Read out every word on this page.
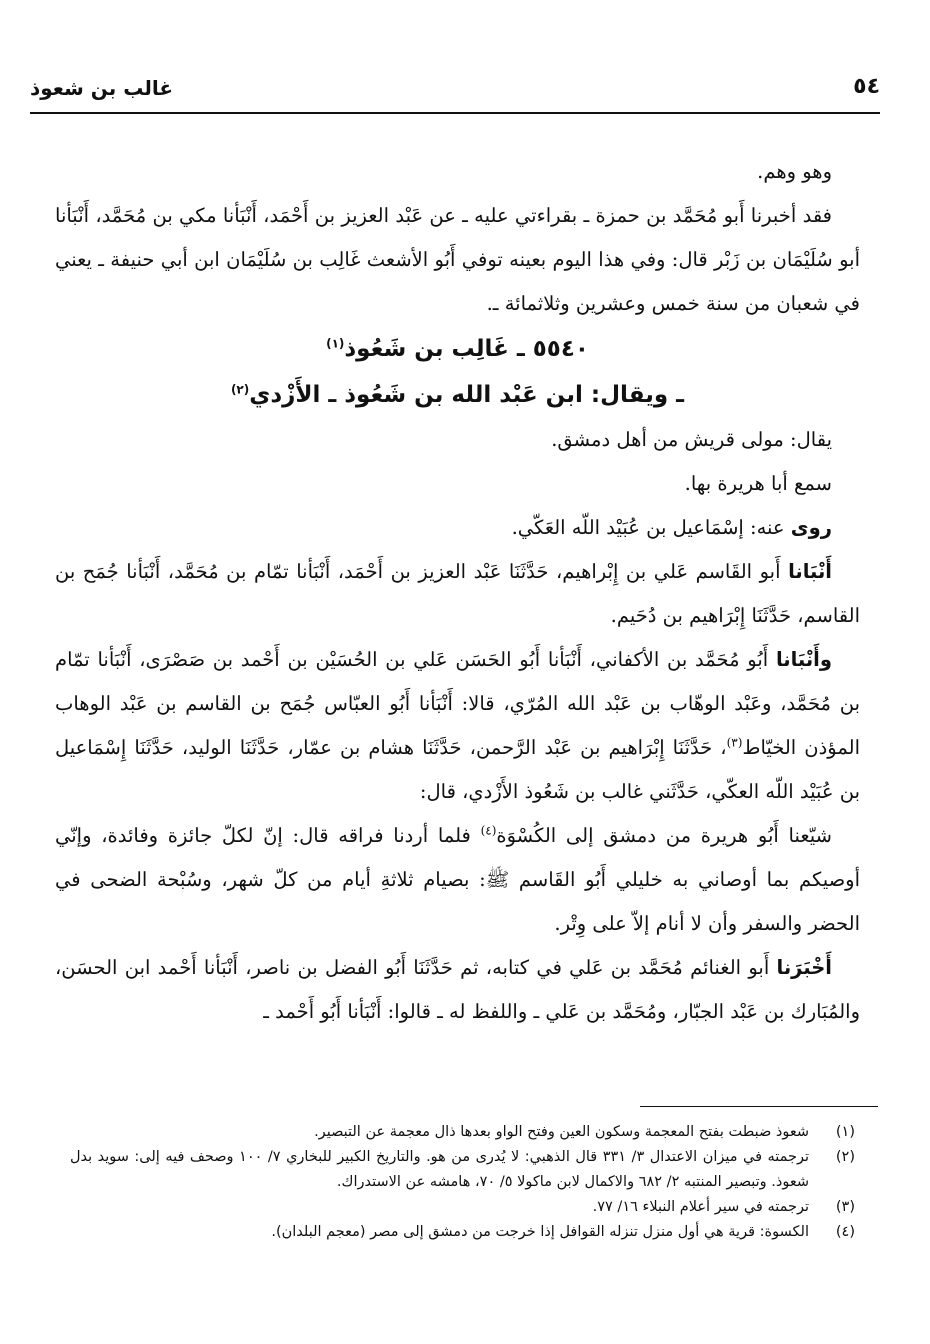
غالب بن شعوذ	٥٤

وهو وهم.

فقد أخبرنا أَبو مُحَمَّد بن حمزة ـ بقراءتي عليه ـ عن عَبْد العزيز بن أَحْمَد، أَنْبَأنا مكي بن مُحَمَّد، أَنْبَأنا أبو سُلَيْمَان بن زَبْر قال: وفي هذا اليوم بعينه توفي أَبُو الأشعث غَالِب بن سُلَيْمَان ابن أبي حنيفة ـ يعني في شعبان من سنة خمس وعشرين وثلاثمائة ـ.

٥٥٤٠ ـ غَالِب بن شَعُوذ$^{(١)}$

ـ ويقال: ابن عَبْد الله بن شَعُوذ ـ الأَزْدي$^{(٢)}$

يقال: مولى قريش من أهل دمشق.

سمع أبا هريرة بها.

روى عنه: إسْمَاعيل بن عُبَيْد اللّه العَكّي.

أَنْبَانا أَبو القَاسم عَلي بن إِبْراهيم، حَدَّثَنَا عَبْد العزيز بن أَحْمَد، أَنْبَأنا تمّام بن مُحَمَّد، أَنْبَأنا جُمَح بن القاسم، حَدَّثَنَا إِبْرَاهيم بن دُحَيم.

وأَنْبَانا أَبُو مُحَمَّد بن الأكفاني، أَنْبَأنا أَبُو الحَسَن عَلي بن الحُسَيْن بن أَحْمد بن صَصْرَى، أَنْبَأنا تمّام بن مُحَمَّد، وعَبْد الوهّاب بن عَبْد الله المُرّي، قالا: أَنْبَأنا أَبُو العبّاس جُمَح بن القاسم بن عَبْد الوهاب المؤذن الخيّاط$^{(٣)}$، حَدَّثَنَا إِبْرَاهيم بن عَبْد الرَّحمن، حَدَّثَنَا هشام بن عمّار، حَدَّثَنَا الوليد، حَدَّثَنَا إِسْمَاعيل بن عُبَيْد اللّه العكّي، حَدَّثَني غالب بن شَعُوذ الأَزْدي، قال:

شيّعنا أَبُو هريرة من دمشق إلى الكُسْوَة$^{(٤)}$ فلما أردنا فراقه قال: إنّ لكلّ جائزة وفائدة، وإنّي أوصيكم بما أوصاني به خليلي أَبُو القَاسم ﷺ: بصيام ثلاثةِ أيام من كلّ شهر، وسُبْحة الضحى في الحضر والسفر وأن لا أنام إلاّ على وِتْر.

أَخْبَرَنا أَبو الغنائم مُحَمَّد بن عَلي في كتابه، ثم حَدَّثَنَا أَبُو الفضل بن ناصر، أَنْبَأنا أَحْمد ابن الحسَن، والمُبَارك بن عَبْد الجبّار، ومُحَمَّد بن عَلي ـ واللفظ له ـ قالوا: أَنْبَأنا أَبُو أَحْمد ـ

(١)
شعوذ ضبطت بفتح المعجمة وسكون العين وفتح الواو بعدها ذال معجمة عن التبصير.

(٢)
ترجمته في ميزان الاعتدال ٣/ ٣٣١ قال الذهبي: لا يُدرى من هو. والتاريخ الكبير للبخاري ٧/ ١٠٠ وصحف فيه إلى: سويد بدل شعوذ. وتبصير المنتبه ٢/ ٦٨٢ والاكمال لابن ماكولا ٥/ ٧٠، هامشه عن الاستدراك.

(٣)
ترجمته في سير أعلام النبلاء ١٦/ ٧٧.

(٤)
الكسوة: قرية هي أول منزل تنزله القوافل إذا خرجت من دمشق إلى مصر (معجم البلدان).
